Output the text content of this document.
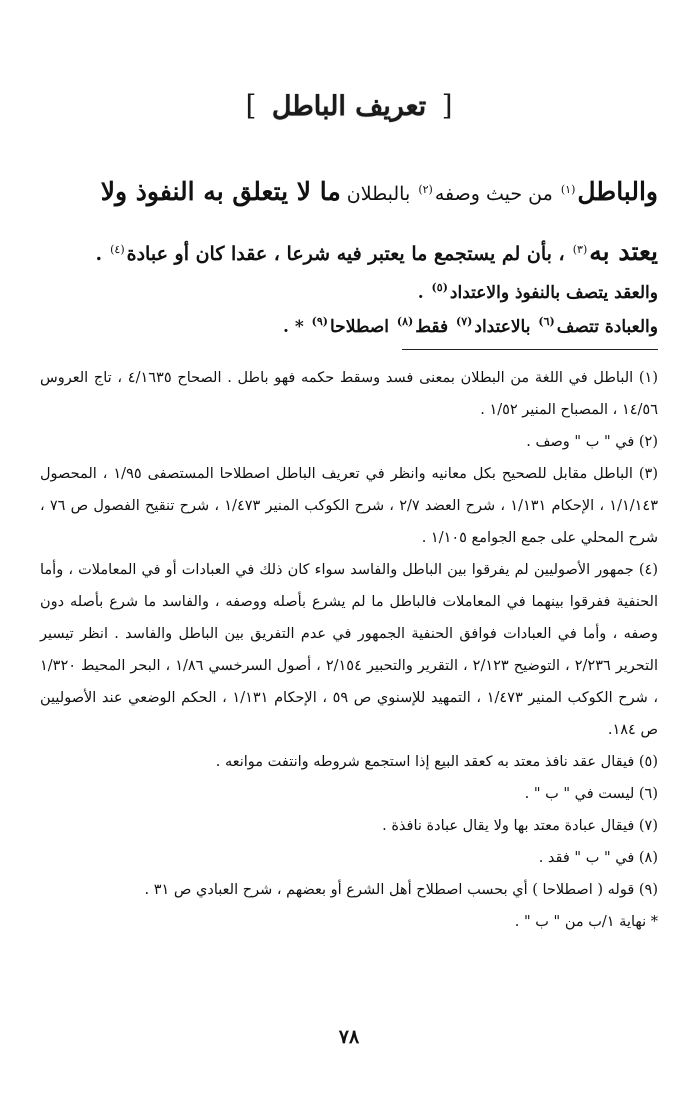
[ تعريف الباطل ]
والباطل$^{(١)}$ من حيث وصفه$^{(٢)}$ بالبطلان ما لا يتعلق به النفوذ ولا
يعتد به$^{(٣)}$ ، بأن لم يستجمع ما يعتبر فيه شرعا ، عقدا كان أو عبادة$^{(٤)}$ .
والعقد يتصف بالنفوذ والاعتداد$^{(٥)}$ .
والعبادة تتصف$^{(٦)}$ بالاعتداد$^{(٧)}$ فقط$^{(٨)}$ اصطلاحا$^{(٩)}$ * .

(١) الباطل في اللغة من البطلان بمعنى فسد وسقط حكمه فهو باطل . الصحاح ٤/١٦٣٥ ، تاج العروس ١٤/٥٦ ، المصباح المنير ١/٥٢ .

(٢) في " ب " وصف .

(٣) الباطل مقابل للصحيح بكل معانيه وانظر في تعريف الباطل اصطلاحا المستصفى ١/٩٥ ، المحصول ١/١/١٤٣ ، الإحكام ١/١٣١ ، شرح العضد ٢/٧ ، شرح الكوكب المنير ١/٤٧٣ ، شرح تنقيح الفصول ص ٧٦ ، شرح المحلي على جمع الجوامع ١/١٠٥ .

(٤) جمهور الأصوليين لم يفرقوا بين الباطل والفاسد سواء كان ذلك في العبادات أو في المعاملات ، وأما الحنفية ففرقوا بينهما في المعاملات فالباطل ما لم يشرع بأصله ووصفه ، والفاسد ما شرع بأصله دون وصفه ، وأما في العبادات فوافق الحنفية الجمهور في عدم التفريق بين الباطل والفاسد . انظر تيسير التحرير ٢/٢٣٦ ، التوضيح ٢/١٢٣ ، التقرير والتحبير ٢/١٥٤ ، أصول السرخسي ١/٨٦ ، البحر المحيط ١/٣٢٠ ، شرح الكوكب المنير ١/٤٧٣ ، التمهيد للإسنوي ص ٥٩ ، الإحكام ١/١٣١ ، الحكم الوضعي عند الأصوليين ص ١٨٤.

(٥) فيقال عقد نافذ معتد به كعقد البيع إذا استجمع شروطه وانتفت موانعه .

(٦) ليست في " ب " .

(٧) فيقال عبادة معتد بها ولا يقال عبادة نافذة .

(٨) في " ب " فقد .

(٩) قوله ( اصطلاحا ) أي بحسب اصطلاح أهل الشرع أو بعضهم ، شرح العبادي ص ٣١ .

* نهاية ١/ب من " ب " .

٧٨
